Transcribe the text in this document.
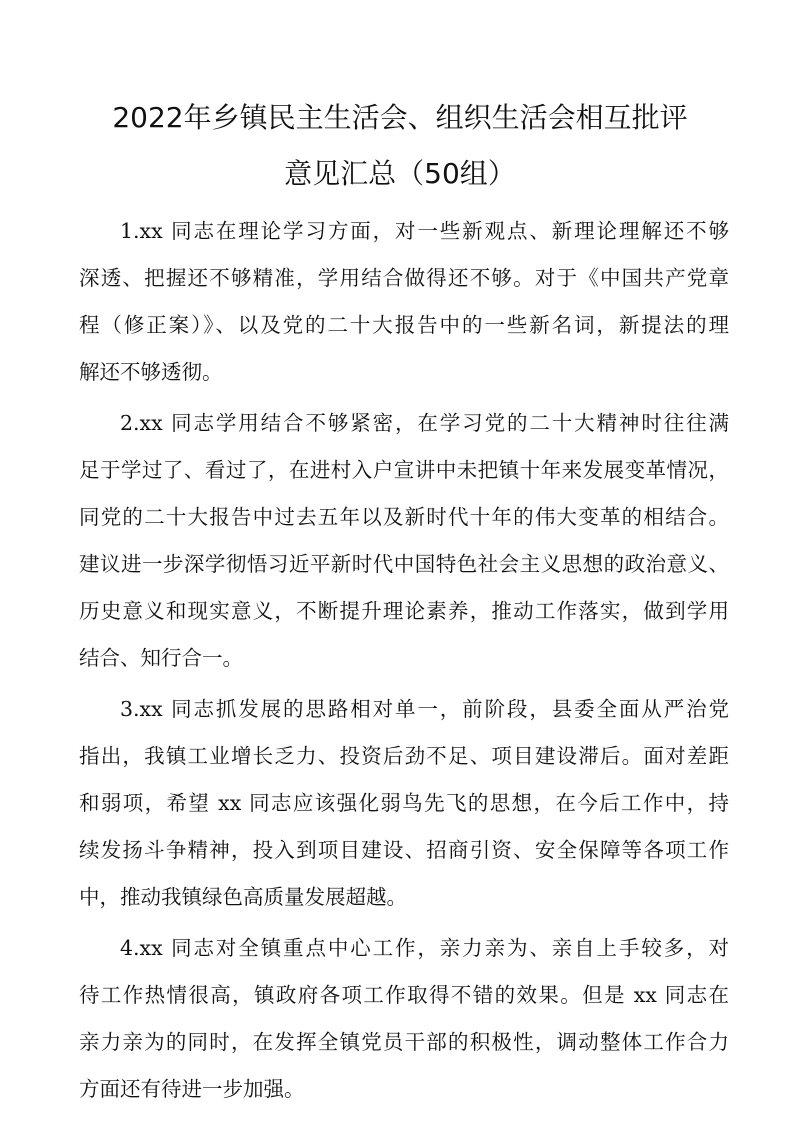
2022年乡镇民主生活会、组织生活会相互批评
意见汇总（50组）
1.xx 同志在理论学习方面，对一些新观点、新理论理解还不够
深透、把握还不够精准，学用结合做得还不够。对于《中国共产党章
程（修正案）》、以及党的二十大报告中的一些新名词，新提法的理
解还不够透彻。
2.xx 同志学用结合不够紧密，在学习党的二十大精神时往往满
足于学过了、看过了，在进村入户宣讲中未把镇十年来发展变革情况，
同党的二十大报告中过去五年以及新时代十年的伟大变革的相结合。
建议进一步深学彻悟习近平新时代中国特色社会主义思想的政治意义、
历史意义和现实意义，不断提升理论素养，推动工作落实，做到学用
结合、知行合一。
3.xx 同志抓发展的思路相对单一，前阶段，县委全面从严治党
指出，我镇工业增长乏力、投资后劲不足、项目建设滞后。面对差距
和弱项，希望 xx 同志应该强化弱鸟先飞的思想，在今后工作中，持
续发扬斗争精神，投入到项目建设、招商引资、安全保障等各项工作
中，推动我镇绿色高质量发展超越。
4.xx 同志对全镇重点中心工作，亲力亲为、亲自上手较多，对
待工作热情很高，镇政府各项工作取得不错的效果。但是 xx 同志在
亲力亲为的同时，在发挥全镇党员干部的积极性，调动整体工作合力
方面还有待进一步加强。
